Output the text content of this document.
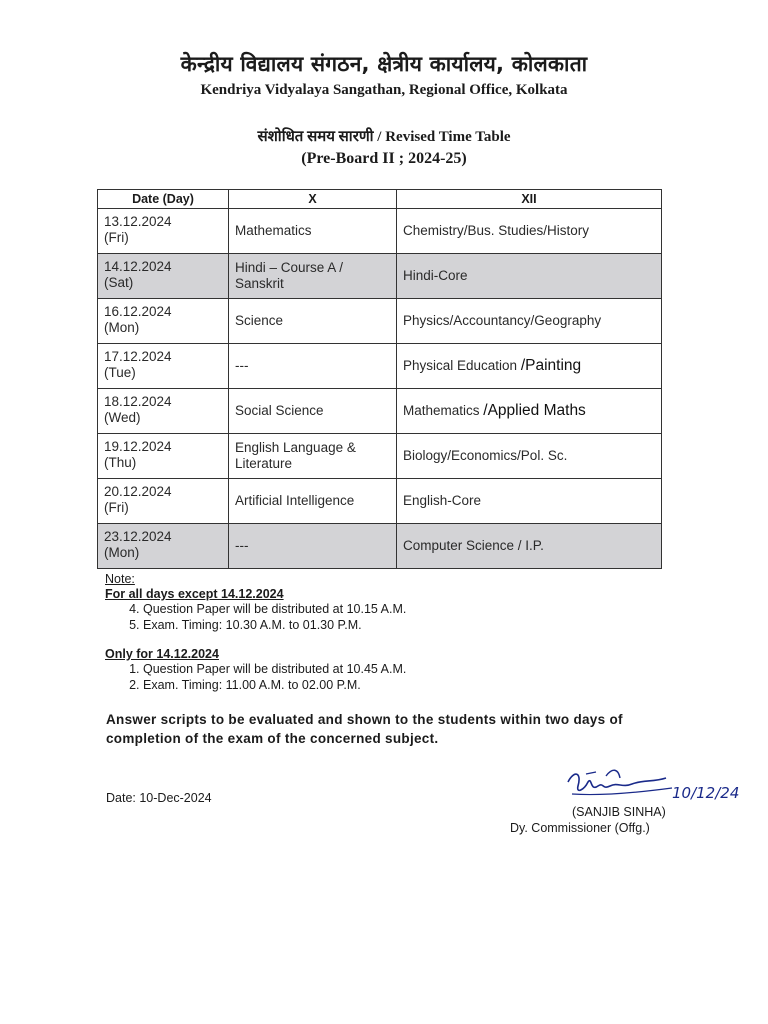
केन्द्रीय विद्यालय संगठन, क्षेत्रीय कार्यालय, कोलकाता
Kendriya Vidyalaya Sangathan, Regional Office, Kolkata
संशोधित समय सारणी / Revised Time Table
(Pre-Board II ; 2024-25)
Date (Day)	X	XII
13.12.2024
(Fri)	Mathematics	Chemistry/Bus. Studies/History
14.12.2024
(Sat)	Hindi – Course A / Sanskrit	Hindi-Core
16.12.2024
(Mon)	Science	Physics/Accountancy/Geography
17.12.2024
(Tue)	---	Physical Education /Painting
18.12.2024
(Wed)	Social Science	Mathematics /Applied Maths
19.12.2024
(Thu)	English Language & Literature	Biology/Economics/Pol. Sc.
20.12.2024
(Fri)	Artificial Intelligence	English-Core
23.12.2024
(Mon)	---	Computer Science / I.P.
Note:
For all days except 14.12.2024
4. Question Paper will be distributed at 10.15 A.M.
5. Exam. Timing: 10.30 A.M. to 01.30 P.M.
Only for 14.12.2024
1. Question Paper will be distributed at 10.45 A.M.
2. Exam. Timing: 11.00 A.M. to 02.00 P.M.
Answer scripts to be evaluated and shown to the students within two days of completion of the exam of the concerned subject.
Date: 10-Dec-2024	10/12/24
(SANJIB SINHA)
Dy. Commissioner (Offg.)
